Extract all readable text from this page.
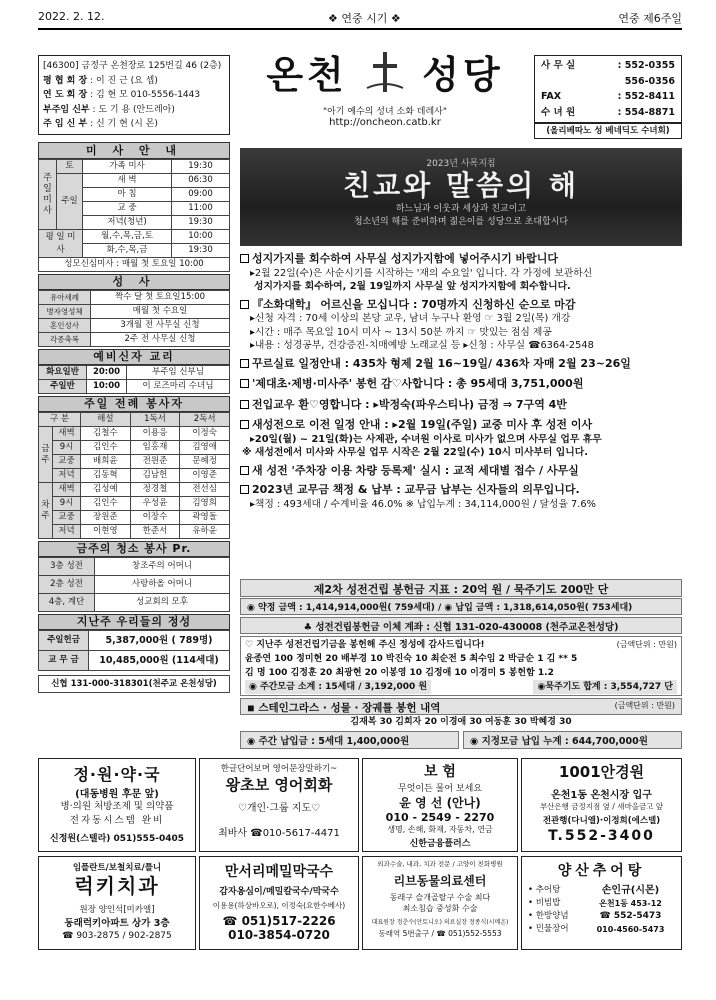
2022. 2. 12.	❖ 연중 시기 ❖	연중 제6주일
[46300] 금정구 온천장로 125번길 46 (2층)
평 협 회 장 : 이 진 근 (요 셉)
연 도 회 장 : 김 현 모 010-5556-1443
부주임 신부 : 도 기 용 (안드레아)
주 임 신 부 : 신 기 현 (시 몬)
온천 성당
"아기 예수의 성녀 소화 데레사"
http://oncheon.catb.kr
사 무 실	: 552-0355
556-0356
FAX	: 552-8411
수 녀 원	: 554-8871
(올리베따노 성 베네딕도 수녀회)
미 사 안 내
주일미사	토	가족 미사	19:30
	주일	새 벽	06:30
		아 침	09:00
		교 중	11:00
		저녁(청년)	19:30
평 일 미 사		월,수,목,금,토	10:00
		화,수,목,금	19:30
성모신심미사 : 매월 첫 토요일 10:00			
성 사
유아세례	짝수 달 첫 토요일15:00
병자영성체	매월 첫 수요일
혼인성사	3개월 전 사무실 신청
각종축복	2주 전 사무실 신청
예비신자 교리
화요일반	20:00	부주임 신부님
주일반	10:00	이 로즈마리 수녀님
주일 전례 봉사자
구 분		해설	1독서	2독서
금주	새벽	김철수	이용응	이정숙
	9시	김인수	임홍재	김영애
	교중	배희윤	전원준	문혜정
	저녁	김동혁	김남헌	이영준
차주	새벽	김성예	정경철	전선심
	9시	김인수	우성윤	김영희
	교중	장원준	이장수	곽영돌
	저녁	이현영	한준서	유하윤
금주의 청소 봉사 Pr.
3층 성전	창조주의 어머니
2층 성전	사랑하올 어머니
4층, 계단	성교회의 모후
지난주 우리들의 정성
주일헌금	5,387,000원 ( 789명)
교 무 금	10,485,000원 (114세대)
신협 131-000-318301(천주교 온천성당)
2023년 사목지침
친교와 말씀의 해
하느님과 이웃과 세상과 친교이고
청소년의 해를 준비하며 젊은이를 성당으로 초대합시다
성지가지를 회수하여 사무실 성지가지함에 넣어주시기 바랍니다
▸2월 22일(수)은 사순시기를 시작하는 '재의 수요일' 입니다. 각 가정에 보관하신
성지가지를 회수하여, 2월 19일까지 사무실 앞 성지가지함에 회수합니다.
『소화대학』 어르신을 모십니다 : 70명까지 신청하신 순으로 마감
▸신청 자격 : 70세 이상의 본당 교우, 남녀 누구나 환영 ☞ 3월 2일(목) 개강
▸시간 : 매주 목요일 10시 미사 ~ 13시 50분 까지 ☞ 맛있는 점심 제공
▸내용 : 성경공부, 건강증진-치매예방 노래교실 등 ▸신청 : 사무실 ☎6364-2548
꾸르실료 일정안내 : 435차 형제 2월 16~19일/ 436차 자매 2월 23~26일
'제대초·제병·미사주' 봉헌 감♡사합니다 : 총 95세대 3,751,000원
전입교우 환♡영합니다 : ▸박정숙(파우스티나) 금정 ⇒ 7구역 4반
새성전으로 이전 일정 안내 : ▸2월 19일(주일) 교중 미사 후 성전 이사
▸20일(월) ~ 21일(화)는 사제관, 수녀원 이사로 미사가 없으며 사무실 업무 휴무
※ 새성전에서 미사와 사무실 업무 시작은 2월 22일(수) 10시 미사부터 입니다.
새 성전 '주차장 이용 차량 등록제' 실시 : 교적 세대별 접수 / 사무실
2023년 교무금 책정 & 납부 : 교무금 납부는 신자들의 의무입니다.
▸책정 : 493세대 / 수계비율 46.0% ※ 납입누계 : 34,114,000원 / 달성율 7.6%
제2차 성전건립 봉헌금 지표 : 20억 원 / 묵주기도 200만 단
◉ 약정 금액 : 1,414,914,000원( 759세대) / ◉ 납입 금액 : 1,318,614,050원( 753세대)
♣ 성전건립봉헌금 이체 계좌 : 신협 131-020-430008 (천주교온천성당)
♡ 지난주 성전건립기금을 봉헌해 주신 정성에 감사드립니다!	(금액단위 : 만원)
윤종연 100 정미현 20 배부경 10 박진숙 10 최순전 5 최수임 2 박금순 1 김 ** 5
김 명 100 김정훈 20 최광현 20 이봉영 10 김정애 10 이경미 5 봉헌함 1.2
◉ 주간모금 소계 : 15세대 / 3,192,000 원	◉묵주기도 합계 : 3,554,727 단
◾ 스테인그라스 · 성물 · 장궤틀 봉헌 내역	(금액단위 : 만원)
김재복 30 김희자 20 이경애 30 여동훈 30 박혜경 30
◉ 주간 납입금 : 5세대 1,400,000원	◉ 지정모금 납입 누계 : 644,700,000원
정·원·약·국
(대동병원 후문 앞)
병·의원 처방조제 및 의약품
전자동시스템 완비
신정원(스텔라) 051)555-0405
한글단어보며 영어문장말하기~
왕초보 영어회화
♡개인·그룹 지도♡
최바사 ☎010-5617-4471
보 험
무엇이든 물어 보세요
윤 영 선 (안나)
010 - 2549 - 2270
생명, 손해, 화재, 자동차, 연금
신한금융플러스
1001안경원
온천1동 온천시장 입구
부산은행 금정지점 옆 / 새마을금고 앞
전관행(다니엘)·이정희(에스델)
T.552-3400
임플란트/보철치료/틀니
럭키치과
원장 양인석[미카엘]
동래럭키아파트 상가 3층
☎ 903-2875 / 902-2875
만서리메밀막국수
감자옹심이/메밀칼국수/막국수
이용용(하상바오로), 이정숙(요한수베사)
☎ 051)517-2226
010-3854-0720
외과수술, 내과, 치과 전문 / 고양이 친화병원
리브동물의료센터
동래구 슬개골탈구 수술 최다
최소침습 중성화 수술
대표원장 정춘수(안토니오) 의료실장 정종식(시메온)
동래역 5번출구 / ☎ 051)552-5553
양산추어탕
• 추어탕
• 비빔밥
• 한방양념
• 민물장어
손인규(시몬)
온천1동 453-12
☎ 552-5473
010-4560-5473
